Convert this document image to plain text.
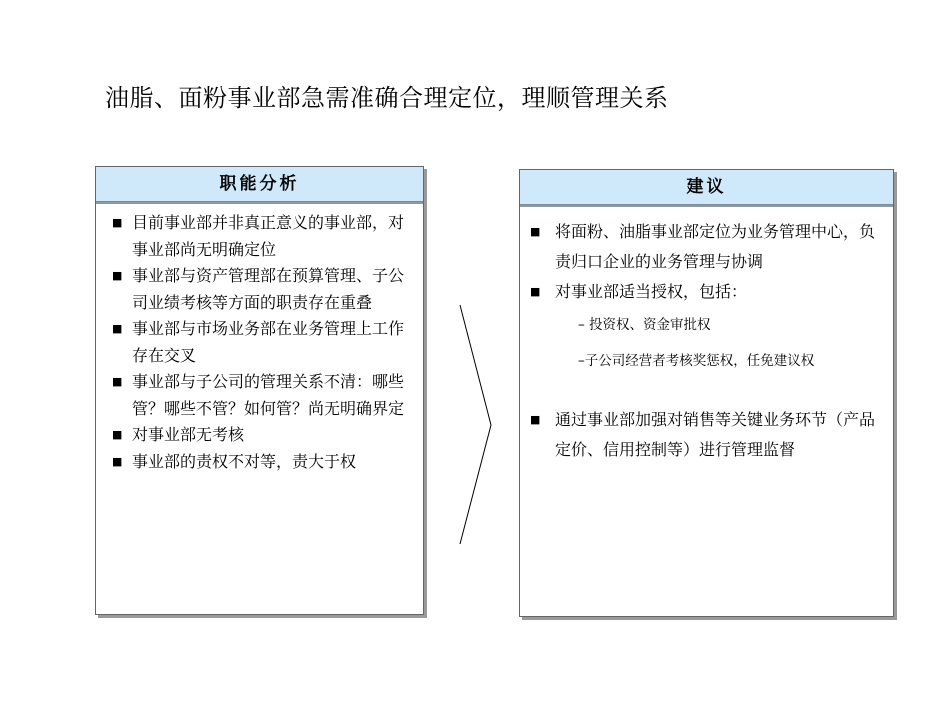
油脂、面粉事业部急需准确合理定位，理顺管理关系
职能分析
■ 目前事业部并非真正意义的事业部，对事业部尚无明确定位
■ 事业部与资产管理部在预算管理、子公司业绩考核等方面的职责存在重叠
■ 事业部与市场业务部在业务管理上工作存在交叉
■ 事业部与子公司的管理关系不清：哪些管？哪些不管？如何管？尚无明确界定
■ 对事业部无考核
■ 事业部的责权不对等，责大于权
建议
■ 将面粉、油脂事业部定位为业务管理中心，负责归口企业的业务管理与协调
■ 对事业部适当授权，包括：
– 投资权、资金审批权
–子公司经营者考核奖惩权，任免建议权
■ 通过事业部加强对销售等关键业务环节（产品定价、信用控制等）进行管理监督
